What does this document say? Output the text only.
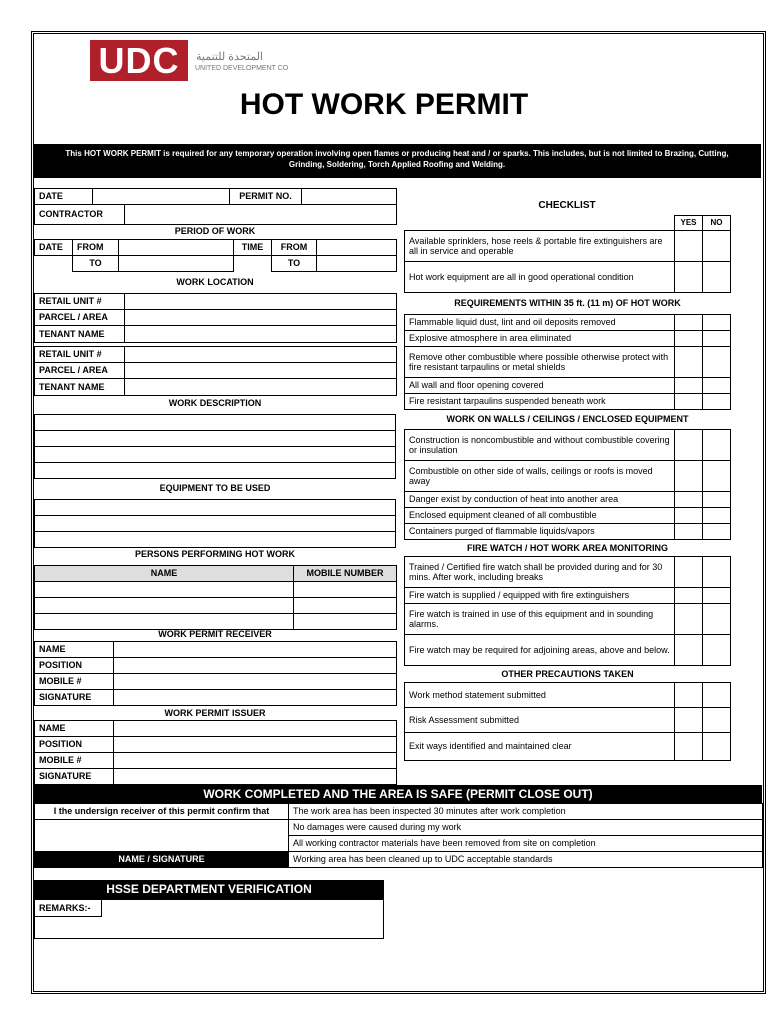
UDC	المتحدة للتنمية
UNITED DEVELOPMENT CO
HOT WORK PERMIT
This HOT WORK PERMIT is required for any temporary operation involving open flames or producing heat and / or sparks. This includes, but is not limited to Brazing, Cutting, Grinding, Soldering, Torch Applied Roofing and Welding.
DATE			PERMIT NO.	
CONTRACTOR				
PERIOD OF WORK
DATE	FROM		TIME	FROM	
	TO			TO	
WORK LOCATION
RETAIL UNIT #	
PARCEL / AREA	
TENANT NAME	

RETAIL UNIT #	
PARCEL / AREA	
TENANT NAME	
WORK DESCRIPTION

EQUIPMENT TO BE USED

PERSONS PERFORMING HOT WORK
NAME	MOBILE NUMBER

WORK PERMIT RECEIVER
NAME	
POSITION	
MOBILE #	
SIGNATURE	
WORK PERMIT ISSUER
NAME	
POSITION	
MOBILE #	
SIGNATURE	
CHECKLIST
	YES	NO
Available sprinklers, hose reels & portable fire extinguishers are all in service and operable		
Hot work equipment are all in good operational condition		
REQUIREMENTS WITHIN 35 ft. (11 m) OF HOT WORK		
Flammable liquid dust, lint and oil deposits removed		
Explosive atmosphere in area eliminated		
Remove other combustible where possible otherwise protect with fire resistant tarpaulins or metal shields		
All wall and floor opening covered		
Fire resistant tarpaulins suspended beneath work		
WORK ON WALLS / CEILINGS / ENCLOSED EQUIPMENT		
Construction is noncombustible and without combustible covering or insulation		
Combustible on other side of walls, ceilings or roofs is moved away		
Danger exist by conduction of heat into another area		
Enclosed equipment cleaned of all combustible		
Containers purged of flammable liquids/vapors		
FIRE WATCH / HOT WORK AREA MONITORING		
Trained / Certified fire watch shall be provided during and for 30 mins. After work, including breaks		
Fire watch is supplied / equipped with fire extinguishers		
Fire watch is trained in use of this equipment and in sounding alarms.		
Fire watch may be required for adjoining areas, above and below.		
OTHER PRECAUTIONS TAKEN		
Work method statement submitted		
Risk Assessment submitted		
Exit ways identified and maintained clear		
WORK COMPLETED AND THE AREA IS SAFE (PERMIT CLOSE OUT)
I the undersign receiver of this permit confirm that	The work area has been inspected 30 minutes after work completion
	No damages were caused during my work
	All working contractor materials have been removed from site on completion
NAME / SIGNATURE	Working area has been cleaned up to UDC acceptable standards
HSSE DEPARTMENT VERIFICATION
REMARKS:-
